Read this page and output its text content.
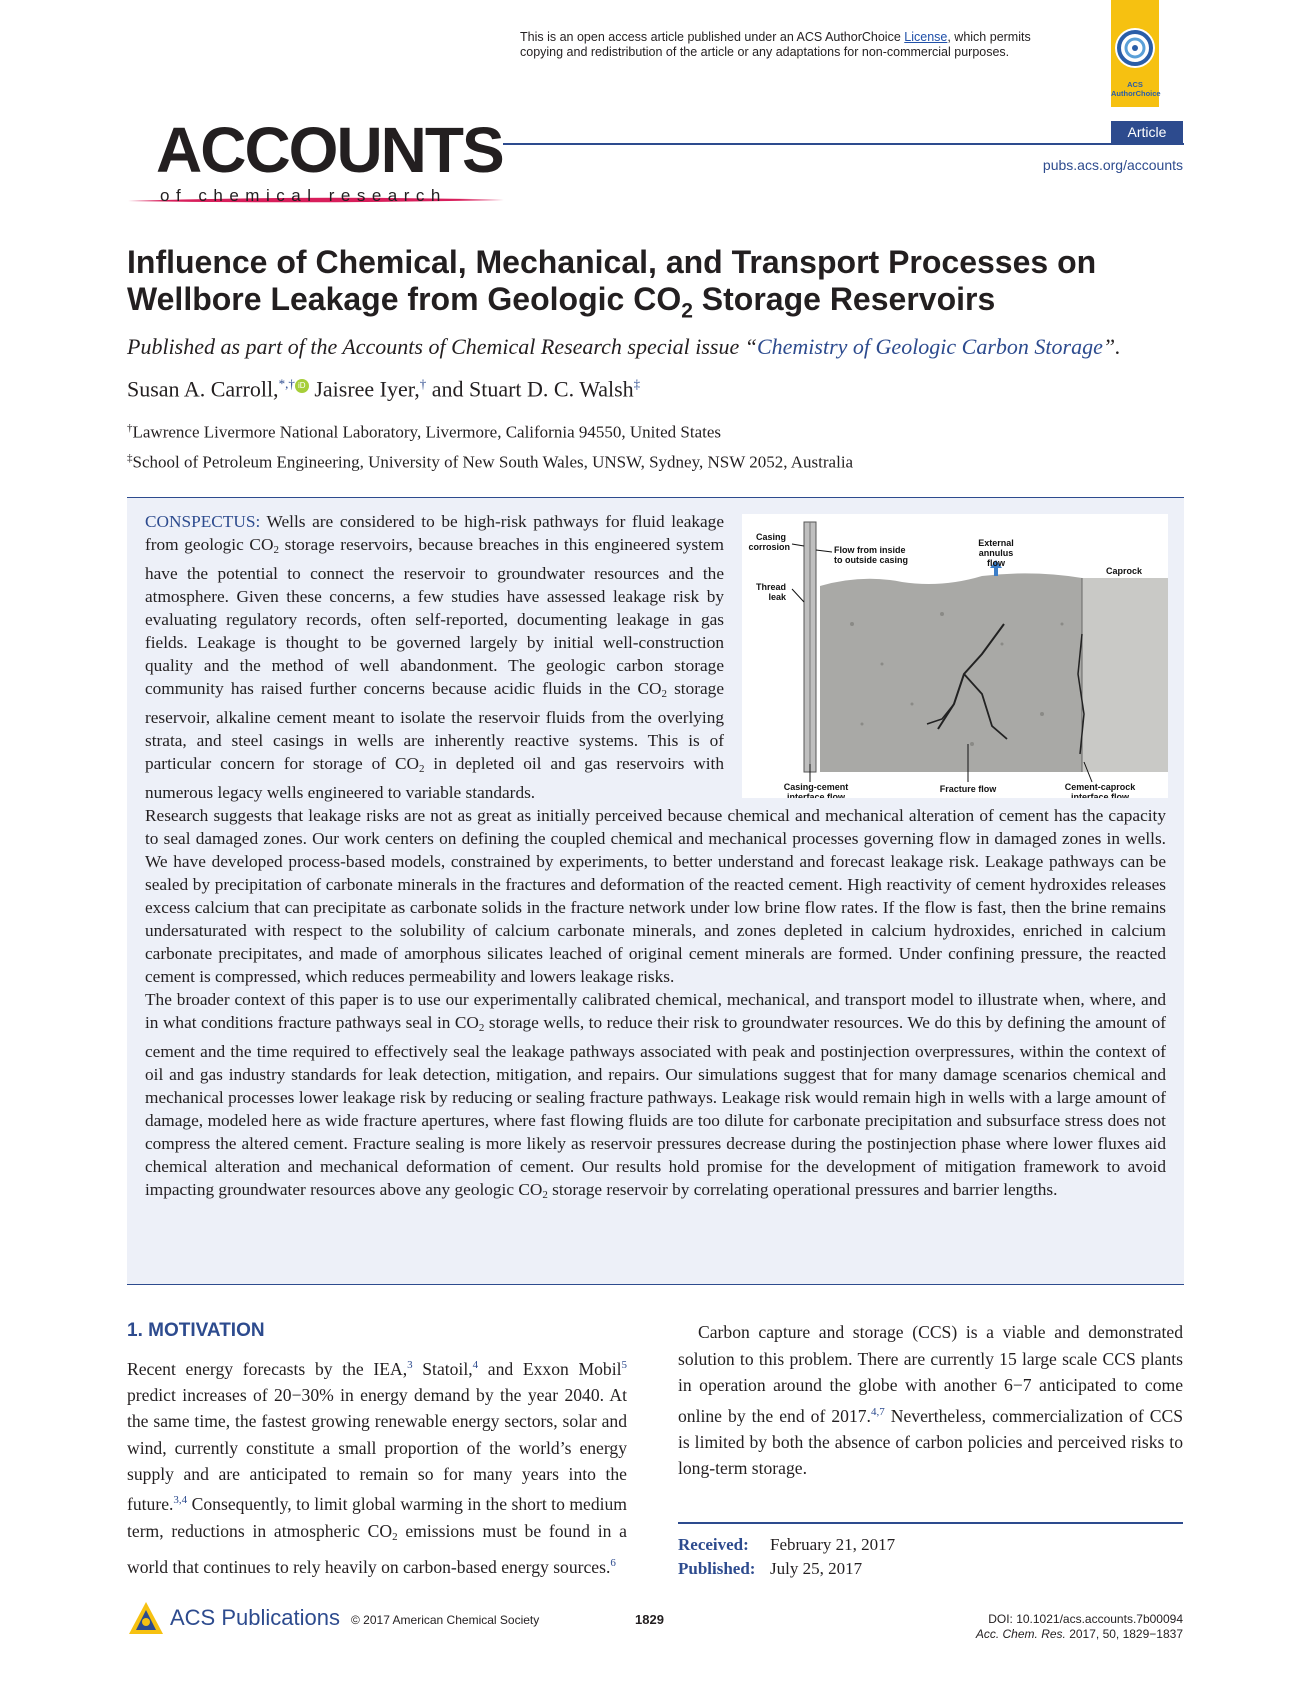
This is an open access article published under an ACS AuthorChoice License, which permits
copying and redistribution of the article or any adaptations for non-commercial purposes.
ACS AuthorChoice
ACCOUNTS
of chemical research
Article
pubs.acs.org/accounts
Influence of Chemical, Mechanical, and Transport Processes on
Wellbore Leakage from Geologic $CO_2$ Storage Reservoirs
Published as part of the Accounts of Chemical Research special issue “Chemistry of Geologic Carbon Storage”.
Susan A. Carroll,*,† iD Jaisree Iyer,† and Stuart D. C. Walsh‡
†Lawrence Livermore National Laboratory, Livermore, California 94550, United States
‡School of Petroleum Engineering, University of New South Wales, UNSW, Sydney, NSW 2052, Australia
Casing
corrosion
Thread
leak
Flow from inside
to outside casing
External
annulus
flow
Caprock
Casing-cement
interface flow
Fracture flow	Cement-caprock
interface flow

CONSPECTUS: Wells are considered to be high-risk pathways for fluid leakage from geologic CO2 storage reservoirs, because breaches in this engineered system have the potential to connect the reservoir to groundwater resources and the atmosphere. Given these concerns, a few studies have assessed leakage risk by evaluating regulatory records, often self-reported, documenting leakage in gas fields. Leakage is thought to be governed largely by initial well-construction quality and the method of well abandonment. The geologic carbon storage community has raised further concerns because acidic fluids in the CO2 storage reservoir, alkaline cement meant to isolate the reservoir fluids from the overlying strata, and steel casings in wells are inherently reactive systems. This is of particular concern for storage of CO2 in depleted oil and gas reservoirs with numerous legacy wells engineered to variable standards.

Research suggests that leakage risks are not as great as initially perceived because chemical and mechanical alteration of cement has the capacity to seal damaged zones. Our work centers on defining the coupled chemical and mechanical processes governing flow in damaged zones in wells. We have developed process-based models, constrained by experiments, to better understand and forecast leakage risk. Leakage pathways can be sealed by precipitation of carbonate minerals in the fractures and deformation of the reacted cement. High reactivity of cement hydroxides releases excess calcium that can precipitate as carbonate solids in the fracture network under low brine flow rates. If the flow is fast, then the brine remains undersaturated with respect to the solubility of calcium carbonate minerals, and zones depleted in calcium hydroxides, enriched in calcium carbonate precipitates, and made of amorphous silicates leached of original cement minerals are formed. Under confining pressure, the reacted cement is compressed, which reduces permeability and lowers leakage risks.

The broader context of this paper is to use our experimentally calibrated chemical, mechanical, and transport model to illustrate when, where, and in what conditions fracture pathways seal in CO2 storage wells, to reduce their risk to groundwater resources. We do this by defining the amount of cement and the time required to effectively seal the leakage pathways associated with peak and postinjection overpressures, within the context of oil and gas industry standards for leak detection, mitigation, and repairs. Our simulations suggest that for many damage scenarios chemical and mechanical processes lower leakage risk by reducing or sealing fracture pathways. Leakage risk would remain high in wells with a large amount of damage, modeled here as wide fracture apertures, where fast flowing fluids are too dilute for carbonate precipitation and subsurface stress does not compress the altered cement. Fracture sealing is more likely as reservoir pressures decrease during the postinjection phase where lower fluxes aid chemical alteration and mechanical deformation of cement. Our results hold promise for the development of mitigation framework to avoid impacting groundwater resources above any geologic CO2 storage reservoir by correlating operational pressures and barrier lengths.

1. MOTIVATION

Recent energy forecasts by the IEA,$^3$ Statoil,$^4$ and Exxon Mobil$^5$ predict increases of 20−30% in energy demand by the year 2040. At the same time, the fastest growing renewable energy sectors, solar and wind, currently constitute a small proportion of the world’s energy supply and are anticipated to remain so for many years into the future.$^{3,4}$ Consequently, to limit global warming in the short to medium term, reductions in atmospheric CO2 emissions must be found in a world that continues to rely heavily on carbon-based energy sources.$^6$

Carbon capture and storage (CCS) is a viable and demonstrated solution to this problem. There are currently 15 large scale CCS plants in operation around the globe with another 6−7 anticipated to come online by the end of 2017.$^{4,7}$ Nevertheless, commercialization of CCS is limited by both the absence of carbon policies and perceived risks to long-term storage.

Received: February 21, 2017
Published: July 25, 2017
ACS Publications © 2017 American Chemical Society	1829	DOI: 10.1021/acs.accounts.7b00094
Acc. Chem. Res. 2017, 50, 1829−1837
